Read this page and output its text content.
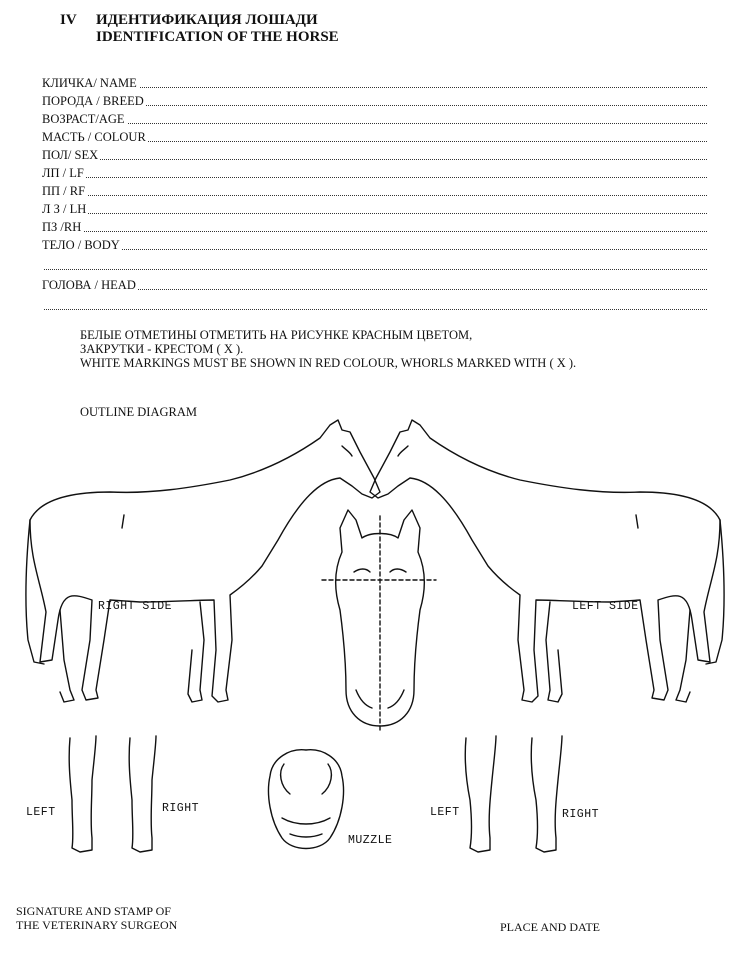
IV ИДЕНТИФИКАЦИЯ ЛОШАДИ
IDENTIFICATION OF THE HORSE
КЛИЧКА/ NAME
ПОРОДА / BREED
ВОЗРАСТ/AGE
МАСТЬ / COLOUR
ПОЛ/ SEX
ЛП / LF
ПП / RF
Л З / LH
ПЗ /RH
ТЕЛО / BODY
ГОЛОВА / HEAD
БЕЛЫЕ ОТМЕТИНЫ ОТМЕТИТЬ НА РИСУНКЕ КРАСНЫМ ЦВЕТОМ,
ЗАКРУТКИ - КРЕСТОМ ( X ).
WHITE MARKINGS MUST BE SHOWN IN RED COLOUR, WHORLS MARKED WITH ( X ).
OUTLINE DIAGRAM
RIGHT SIDE	LEFT SIDE
LEFT	RIGHT
MUZZLE
LEFT	RIGHT
SIGNATURE AND STAMP OF
THE VETERINARY SURGEON	PLACE AND DATE
